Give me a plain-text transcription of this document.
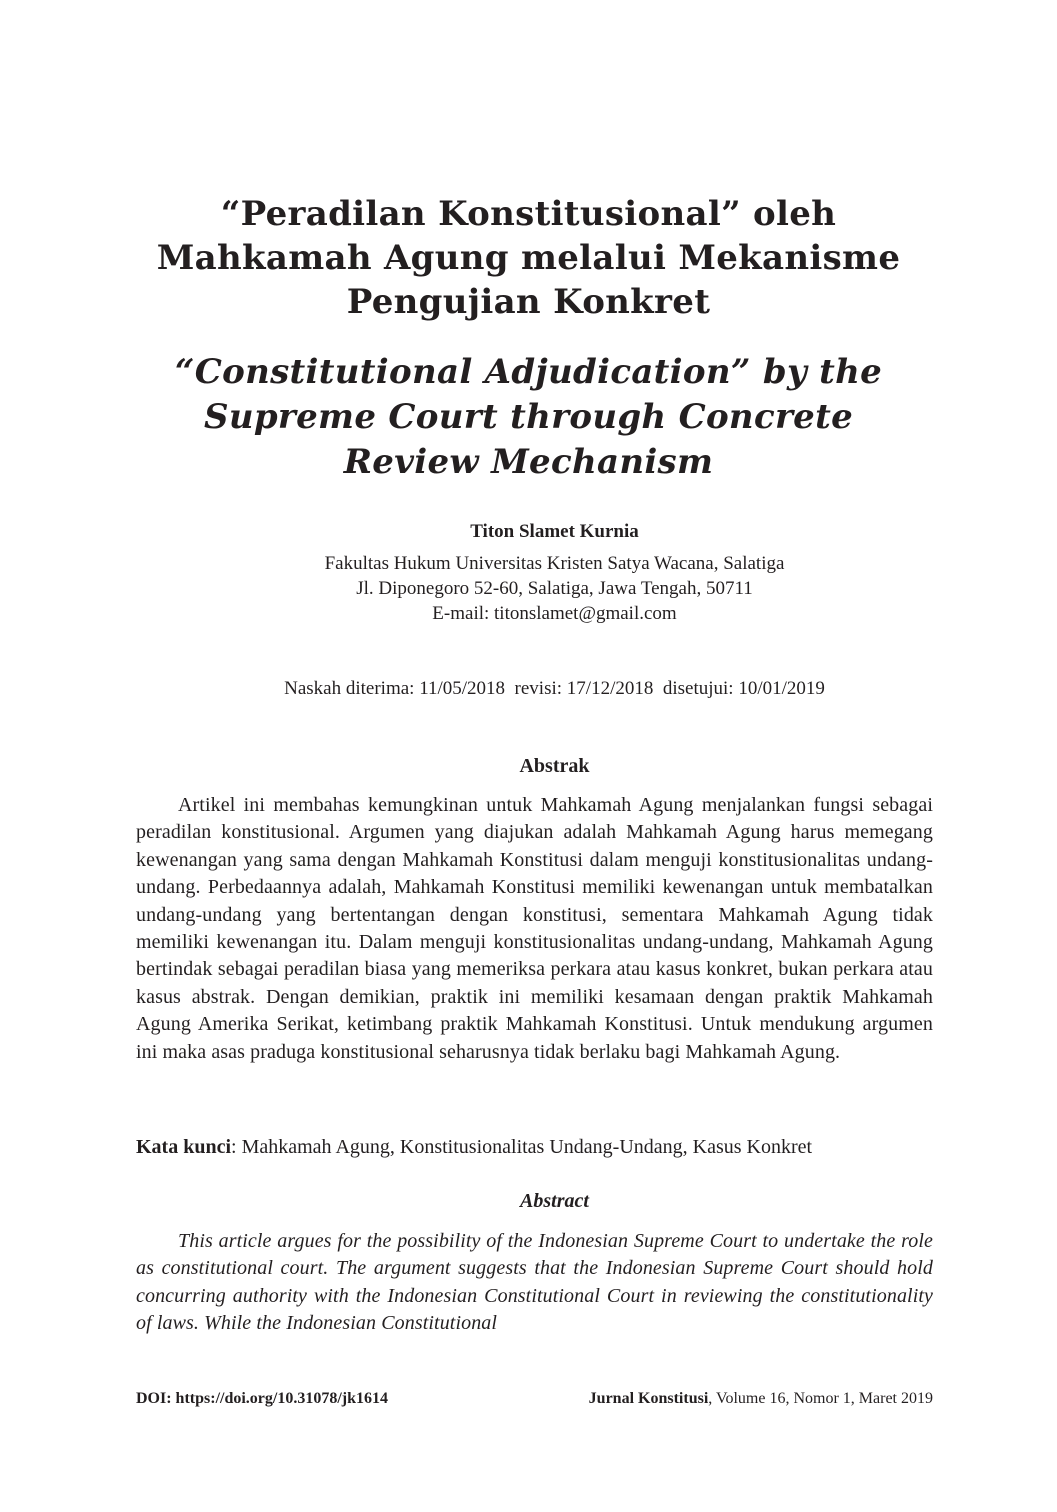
“Peradilan Konstitusional” oleh
Mahkamah Agung melalui Mekanisme
Pengujian Konkret
“Constitutional Adjudication” by the
Supreme Court through Concrete
Review Mechanism
Titon Slamet Kurnia
Fakultas Hukum Universitas Kristen Satya Wacana, Salatiga
Jl. Diponegoro 52-60, Salatiga, Jawa Tengah, 50711
E-mail: titonslamet@gmail.com
Naskah diterima: 11/05/2018  revisi: 17/12/2018  disetujui: 10/01/2019
Abstrak

Artikel ini membahas kemungkinan untuk Mahkamah Agung menjalankan fungsi sebagai peradilan konstitusional. Argumen yang diajukan adalah Mahkamah Agung harus memegang kewenangan yang sama dengan Mahkamah Konstitusi dalam menguji konstitusionalitas undang-undang. Perbedaannya adalah, Mahkamah Konstitusi memiliki kewenangan untuk membatalkan undang-undang yang bertentangan dengan konstitusi, sementara Mahkamah Agung tidak memiliki kewenangan itu. Dalam menguji konstitusionalitas undang-undang, Mahkamah Agung bertindak sebagai peradilan biasa yang memeriksa perkara atau kasus konkret, bukan perkara atau kasus abstrak. Dengan demikian, praktik ini memiliki kesamaan dengan praktik Mahkamah Agung Amerika Serikat, ketimbang praktik Mahkamah Konstitusi. Untuk mendukung argumen ini maka asas praduga konstitusional seharusnya tidak berlaku bagi Mahkamah Agung.

Kata kunci: Mahkamah Agung, Konstitusionalitas Undang-Undang, Kasus Konkret
Abstract

This article argues for the possibility of the Indonesian Supreme Court to undertake the role as constitutional court. The argument suggests that the Indonesian Supreme Court should hold concurring authority with the Indonesian Constitutional Court in reviewing the constitutionality of laws. While the Indonesian Constitutional

DOI: https://doi.org/10.31078/jk1614	Jurnal Konstitusi, Volume 16, Nomor 1, Maret 2019
